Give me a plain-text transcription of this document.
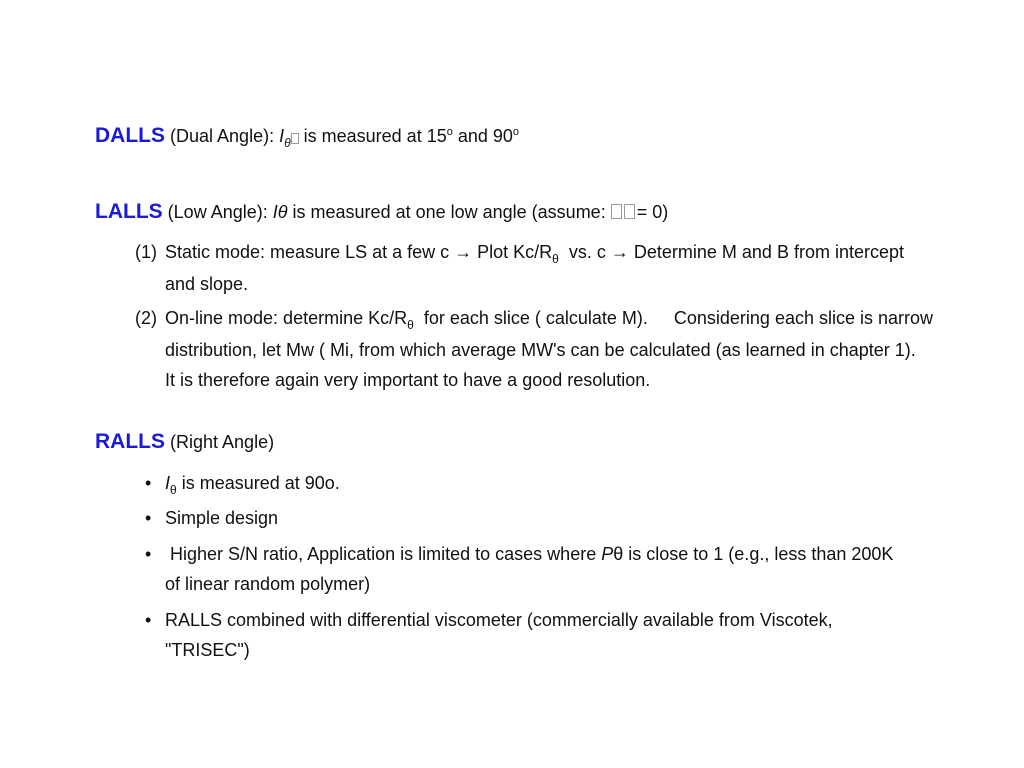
DALLS (Dual Angle): $I_\theta$ is measured at 15$^o$ and 90$^o$
LALLS (Low Angle): Iθ is measured at one low angle (assume: = 0)
(1) Static mode: measure LS at a few c → Plot $Kc/R_\theta$ vs. c → Determine M and B from intercept and slope.
(2) On-line mode: determine $Kc/R_\theta$ for each slice ( calculate M). Considering each slice is narrow distribution, let Mw ( Mi, from which average MW's can be calculated (as learned in chapter 1).It is therefore again very important to have a good resolution.
RALLS (Right Angle)
• $I_\theta$ is measured at 90o.
• Simple design
• Higher S/N ratio, Application is limited to cases where Pθ is close to 1 (e.g., less than 200K of linear random polymer)
• RALLS combined with differential viscometer (commercially available from Viscotek, "TRISEC")
